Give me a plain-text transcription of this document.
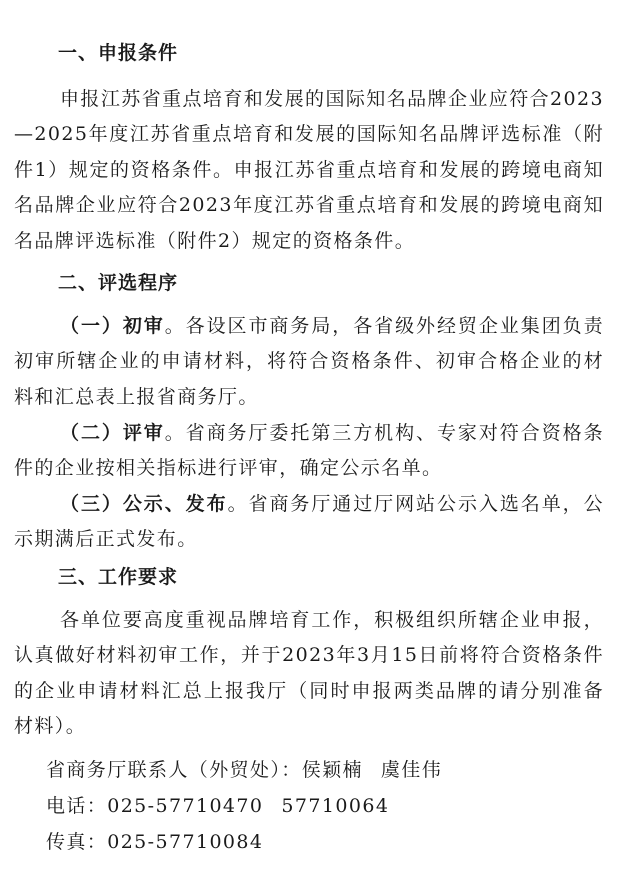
一、申报条件

申报江苏省重点培育和发展的国际知名品牌企业应符合2023—2025年度江苏省重点培育和发展的国际知名品牌评选标准（附件1）规定的资格条件。申报江苏省重点培育和发展的跨境电商知名品牌企业应符合2023年度江苏省重点培育和发展的跨境电商知名品牌评选标准（附件2）规定的资格条件。

二、评选程序

（一）初审。各设区市商务局，各省级外经贸企业集团负责初审所辖企业的申请材料，将符合资格条件、初审合格企业的材料和汇总表上报省商务厅。

（二）评审。省商务厅委托第三方机构、专家对符合资格条件的企业按相关指标进行评审，确定公示名单。

（三）公示、发布。省商务厅通过厅网站公示入选名单，公示期满后正式发布。

三、工作要求

各单位要高度重视品牌培育工作，积极组织所辖企业申报，认真做好材料初审工作，并于2023年3月15日前将符合资格条件的企业申请材料汇总上报我厅（同时申报两类品牌的请分别准备材料）。

省商务厅联系人（外贸处）：侯颖楠 虞佳伟

电话：025-57710470 57710064

传真：025-57710084
